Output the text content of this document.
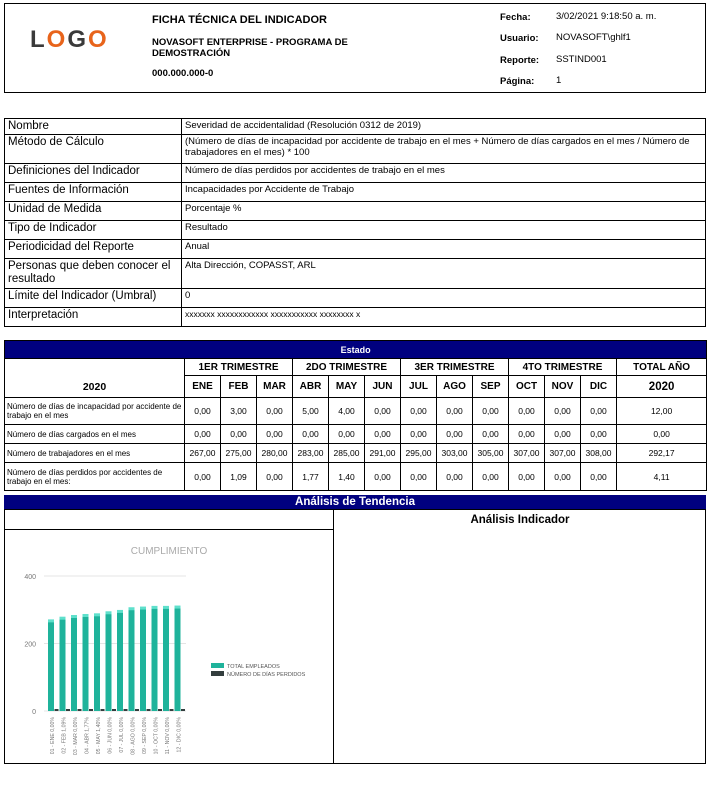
LOGO
FICHA TÉCNICA DEL INDICADOR
NOVASOFT ENTERPRISE - PROGRAMA DE DEMOSTRACIÓN
000.000.000-0
Fecha:	3/02/2021 9:18:50 a. m.
Usuario: NOVASOFT\ghlf1
Reporte: SSTIND001
Página: 1
Nombre	Severidad de accidentalidad (Resolución 0312 de 2019)
Método de Cálculo	(Número de días de incapacidad por accidente de trabajo en el mes + Número de días cargados en el mes / Número de trabajadores en el mes) * 100
Definiciones del Indicador	Número de días perdidos por accidentes de trabajo en el mes
Fuentes de Información	Incapacidades por Accidente de Trabajo
Unidad de Medida	Porcentaje %
Tipo de Indicador	Resultado
Periodicidad del Reporte	Anual
Personas que deben conocer el resultado	Alta Dirección, COPASST, ARL
Límite del Indicador (Umbral)	0
Interpretación	xxxxxxx xxxxxxxxxxxx xxxxxxxxxxx xxxxxxxx x
Estado													
2020	1ER TRIMESTRE			2DO TRIMESTRE			3ER TRIMESTRE			4TO TRIMESTRE			TOTAL AÑO
	ENE	FEB	MAR	ABR	MAY	JUN	JUL	AGO	SEP	OCT	NOV	DIC	2020
Número de días de incapacidad por accidente de trabajo en el mes	0,00	3,00	0,00	5,00	4,00	0,00	0,00	0,00	0,00	0,00	0,00	0,00	12,00
Número de días cargados en el mes	0,00	0,00	0,00	0,00	0,00	0,00	0,00	0,00	0,00	0,00	0,00	0,00	0,00
Número de trabajadores en el mes	267,00	275,00	280,00	283,00	285,00	291,00	295,00	303,00	305,00	307,00	307,00	308,00	292,17
Número de días perdidos por accidentes de trabajo en el mes:	0,00	1,09	0,00	1,77	1,40	0,00	0,00	0,00	0,00	0,00	0,00	0,00	4,11
Análisis de Tendencia
Análisis Indicador
CUMPLIMIENTO
0
200
400
01 - ENE 0,00% 02 - FEB 1,09% 03 - MAR 0,00% 04 - ABR 1,77% 05 - MAY 1,40% 06 - JUN 0,00% 07 - JUL 0,00% 08 - AGO 0,00% 09 - SEP 0,00% 10 - OCT 0,00% 11 - NOV 0,00% 12 - DIC 0,00%
TOTAL EMPLEADOS
NÚMERO DE DÍAS PERDIDOS
